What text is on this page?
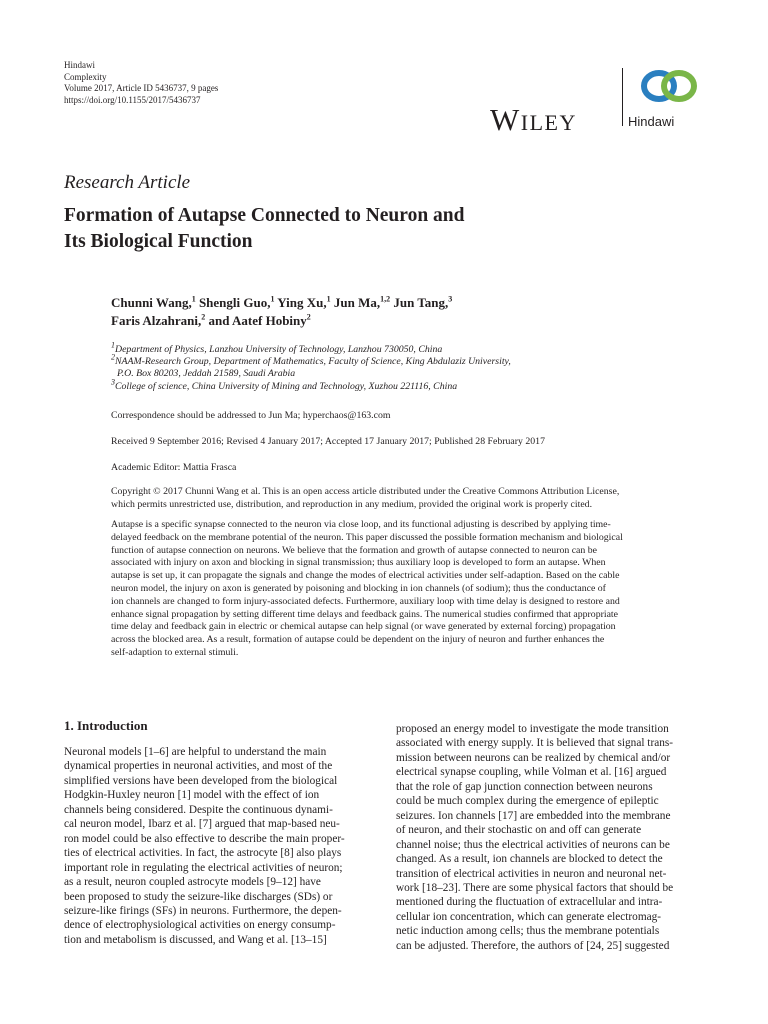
Hindawi
Complexity
Volume 2017, Article ID 5436737, 9 pages
https://doi.org/10.1155/2017/5436737
WILEY	Hindawi
Research Article
Formation of Autapse Connected to Neuron and
Its Biological Function
Chunni Wang,$^1$ Shengli Guo,$^1$ Ying Xu,$^1$ Jun Ma,$^{1,2}$ Jun Tang,$^3$
Faris Alzahrani,$^2$ and Aatef Hobiny$^2$
$^1$Department of Physics, Lanzhou University of Technology, Lanzhou 730050, China
$^2$NAAM-Research Group, Department of Mathematics, Faculty of Science, King Abdulaziz University,
P.O. Box 80203, Jeddah 21589, Saudi Arabia
$^3$College of science, China University of Mining and Technology, Xuzhou 221116, China
Correspondence should be addressed to Jun Ma; hyperchaos@163.com
Received 9 September 2016; Revised 4 January 2017; Accepted 17 January 2017; Published 28 February 2017
Academic Editor: Mattia Frasca
Copyright © 2017 Chunni Wang et al. This is an open access article distributed under the Creative Commons Attribution License,
which permits unrestricted use, distribution, and reproduction in any medium, provided the original work is properly cited.
Autapse is a specific synapse connected to the neuron via close loop, and its functional adjusting is described by applying time-
delayed feedback on the membrane potential of the neuron. This paper discussed the possible formation mechanism and biological
function of autapse connection on neurons. We believe that the formation and growth of autapse connected to neuron can be
associated with injury on axon and blocking in signal transmission; thus auxiliary loop is developed to form an autapse. When
autapse is set up, it can propagate the signals and change the modes of electrical activities under self-adaption. Based on the cable
neuron model, the injury on axon is generated by poisoning and blocking in ion channels (of sodium); thus the conductance of
ion channels are changed to form injury-associated defects. Furthermore, auxiliary loop with time delay is designed to restore and
enhance signal propagation by setting different time delays and feedback gains. The numerical studies confirmed that appropriate
time delay and feedback gain in electric or chemical autapse can help signal (or wave generated by external forcing) propagation
across the blocked area. As a result, formation of autapse could be dependent on the injury of neuron and further enhances the
self-adaption to external stimuli.
1. Introduction
Neuronal models [1–6] are helpful to understand the main
dynamical properties in neuronal activities, and most of the
simplified versions have been developed from the biological
Hodgkin-Huxley neuron [1] model with the effect of ion
channels being considered. Despite the continuous dynami-
cal neuron model, Ibarz et al. [7] argued that map-based neu-
ron model could be also effective to describe the main proper-
ties of electrical activities. In fact, the astrocyte [8] also plays
important role in regulating the electrical activities of neuron;
as a result, neuron coupled astrocyte models [9–12] have
been proposed to study the seizure-like discharges (SDs) or
seizure-like firings (SFs) in neurons. Furthermore, the depen-
dence of electrophysiological activities on energy consump-
tion and metabolism is discussed, and Wang et al. [13–15]
proposed an energy model to investigate the mode transition
associated with energy supply. It is believed that signal trans-
mission between neurons can be realized by chemical and/or
electrical synapse coupling, while Volman et al. [16] argued
that the role of gap junction connection between neurons
could be much complex during the emergence of epileptic
seizures. Ion channels [17] are embedded into the membrane
of neuron, and their stochastic on and off can generate
channel noise; thus the electrical activities of neurons can be
changed. As a result, ion channels are blocked to detect the
transition of electrical activities in neuron and neuronal net-
work [18–23]. There are some physical factors that should be
mentioned during the fluctuation of extracellular and intra-
cellular ion concentration, which can generate electromag-
netic induction among cells; thus the membrane potentials
can be adjusted. Therefore, the authors of [24, 25] suggested
